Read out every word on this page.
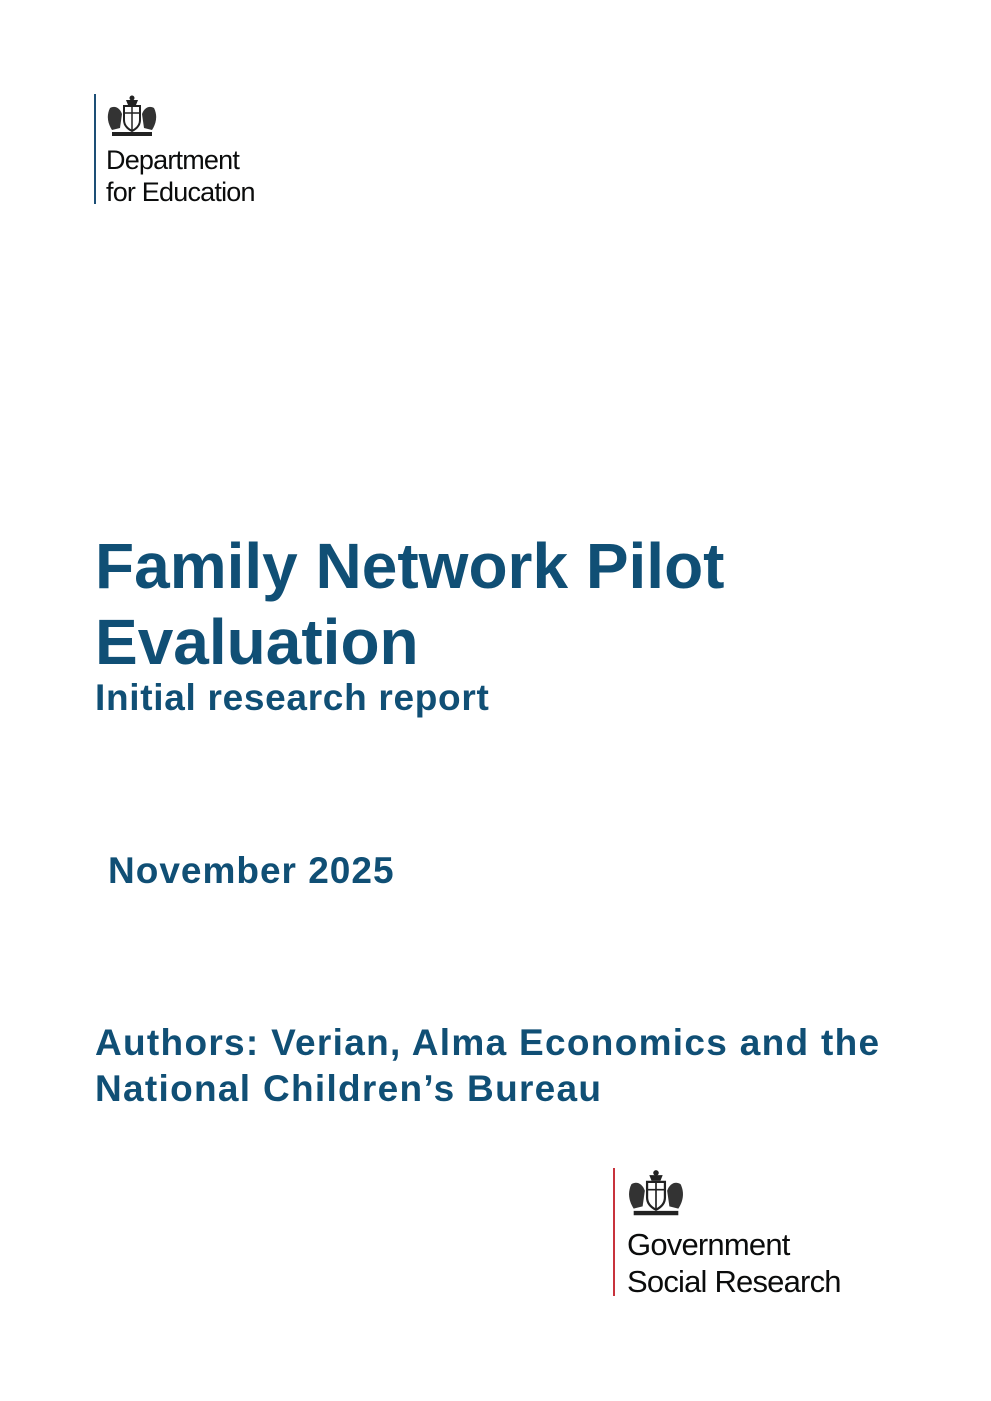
Department
for Education
Family Network Pilot Evaluation
Initial research report
November 2025
Authors: Verian, Alma Economics and the National Children’s Bureau
Government
Social Research
